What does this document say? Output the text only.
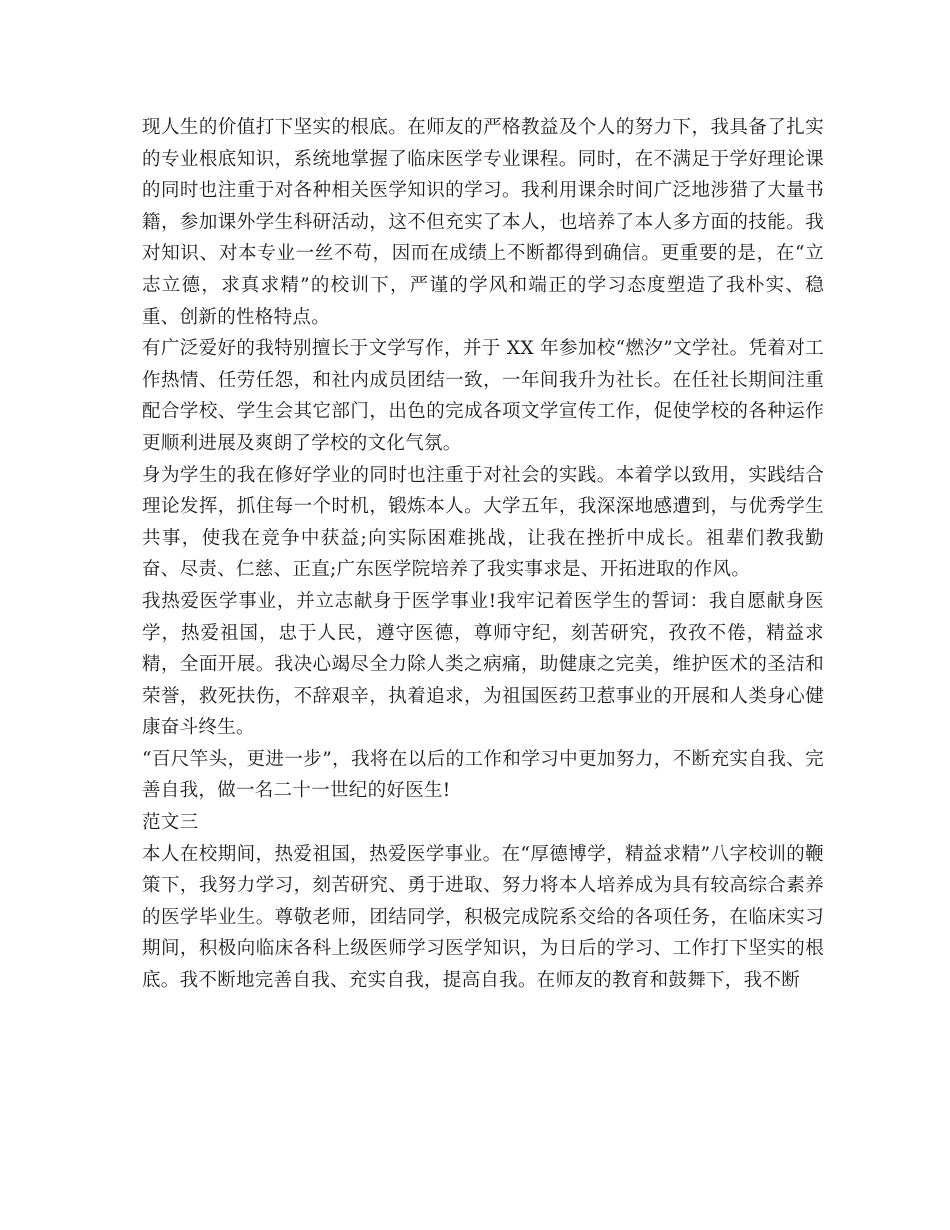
现人生的价值打下坚实的根底。在师友的严格教益及个人的努力下，我具备了扎实的专业根底知识，系统地掌握了临床医学专业课程。同时，在不满足于学好理论课的同时也注重于对各种相关医学知识的学习。我利用课余时间广泛地涉猎了大量书籍，参加课外学生科研活动，这不但充实了本人，也培养了本人多方面的技能。我对知识、对本专业一丝不苟，因而在成绩上不断都得到确信。更重要的是，在“立志立德，求真求精”的校训下，严谨的学风和端正的学习态度塑造了我朴实、稳重、创新的性格特点。

有广泛爱好的我特别擅长于文学写作，并于 XX 年参加校“燃汐”文学社。凭着对工作热情、任劳任怨，和社内成员团结一致，一年间我升为社长。在任社长期间注重配合学校、学生会其它部门，出色的完成各项文学宣传工作，促使学校的各种运作更顺利进展及爽朗了学校的文化气氛。

身为学生的我在修好学业的同时也注重于对社会的实践。本着学以致用，实践结合理论发挥，抓住每一个时机，锻炼本人。大学五年，我深深地感遭到，与优秀学生共事，使我在竞争中获益;向实际困难挑战，让我在挫折中成长。祖辈们教我勤奋、尽责、仁慈、正直;广东医学院培养了我实事求是、开拓进取的作风。

我热爱医学事业，并立志献身于医学事业!我牢记着医学生的誓词：我自愿献身医学，热爱祖国，忠于人民，遵守医德，尊师守纪，刻苦研究，孜孜不倦，精益求精，全面开展。我决心竭尽全力除人类之病痛，助健康之完美，维护医术的圣洁和荣誉，救死扶伤，不辞艰辛，执着追求，为祖国医药卫惹事业的开展和人类身心健康奋斗终生。

“百尺竿头，更进一步”，我将在以后的工作和学习中更加努力，不断充实自我、完善自我，做一名二十一世纪的好医生!

范文三

本人在校期间，热爱祖国，热爱医学事业。在“厚德博学，精益求精”八字校训的鞭策下，我努力学习，刻苦研究、勇于进取、努力将本人培养成为具有较高综合素养的医学毕业生。尊敬老师，团结同学，积极完成院系交给的各项任务，在临床实习期间，积极向临床各科上级医师学习医学知识，为日后的学习、工作打下坚实的根底。我不断地完善自我、充实自我，提高自我。在师友的教育和鼓舞下，我不断
